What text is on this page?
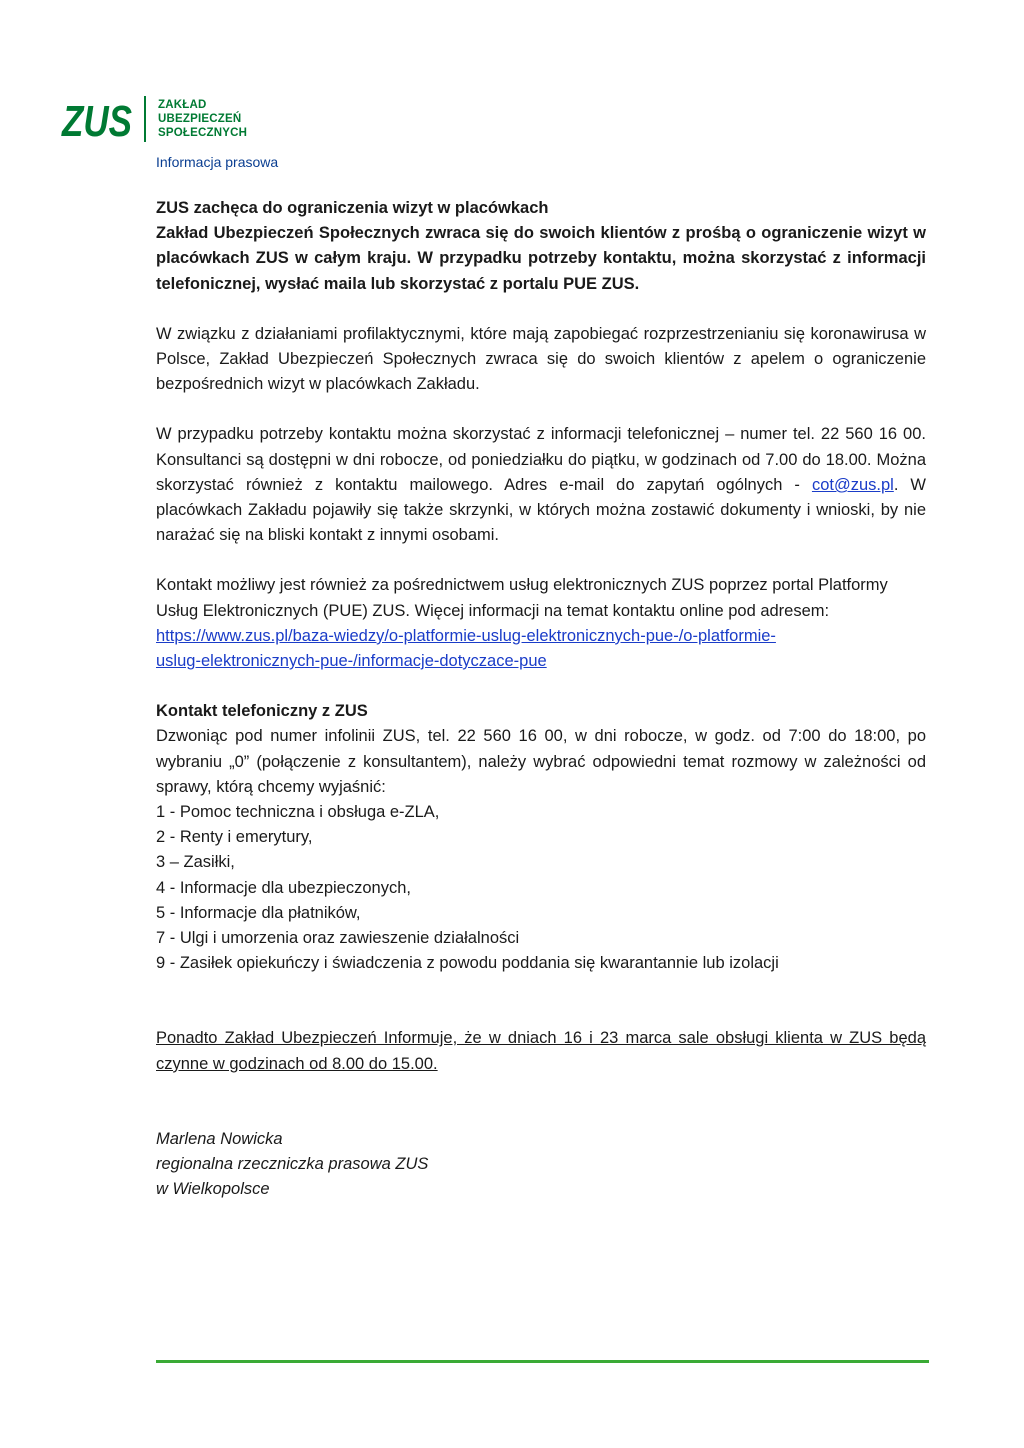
ZUS ZAKŁAD
UBEZPIECZEŃ
SPOŁECZNYCH
Informacja prasowa

ZUS zachęca do ograniczenia wizyt w placówkach

Zakład Ubezpieczeń Społecznych zwraca się do swoich klientów z prośbą o ograniczenie wizyt w placówkach ZUS w całym kraju. W przypadku potrzeby kontaktu, można skorzystać z informacji telefonicznej, wysłać maila lub skorzystać z portalu PUE ZUS.

W związku z działaniami profilaktycznymi, które mają zapobiegać rozprzestrzenianiu się koronawirusa w Polsce, Zakład Ubezpieczeń Społecznych zwraca się do swoich klientów z apelem o ograniczenie bezpośrednich wizyt w placówkach Zakładu.

W przypadku potrzeby kontaktu można skorzystać z informacji telefonicznej – numer tel. 22 560 16 00. Konsultanci są dostępni w dni robocze, od poniedziałku do piątku, w godzinach od 7.00 do 18.00. Można skorzystać również z kontaktu mailowego. Adres e-mail do zapytań ogólnych - cot@zus.pl. W placówkach Zakładu pojawiły się także skrzynki, w których można zostawić dokumenty i wnioski, by nie narażać się na bliski kontakt z innymi osobami.

Kontakt możliwy jest również za pośrednictwem usług elektronicznych ZUS poprzez portal Platformy Usług Elektronicznych (PUE) ZUS. Więcej informacji na temat kontaktu online pod adresem:
https://www.zus.pl/baza-wiedzy/o-platformie-uslug-elektronicznych-pue-/o-platformie-
uslug-elektronicznych-pue-/informacje-dotyczace-pue

Kontakt telefoniczny z ZUS

Dzwoniąc pod numer infolinii ZUS, tel. 22 560 16 00, w dni robocze, w godz. od 7:00 do 18:00, po wybraniu „0” (połączenie z konsultantem), należy wybrać odpowiedni temat rozmowy w zależności od sprawy, którą chcemy wyjaśnić:

1 - Pomoc techniczna i obsługa e-ZLA,
2 - Renty i emerytury,
3 – Zasiłki,
4 - Informacje dla ubezpieczonych,
5 - Informacje dla płatników,
7 - Ulgi i umorzenia oraz zawieszenie działalności
9 - Zasiłek opiekuńczy i świadczenia z powodu poddania się kwarantannie lub izolacji

Ponadto Zakład Ubezpieczeń Informuje, że w dniach 16 i 23 marca sale obsługi klienta w ZUS będą czynne w godzinach od 8.00 do 15.00.

Marlena Nowicka
regionalna rzeczniczka prasowa ZUS
w Wielkopolsce
